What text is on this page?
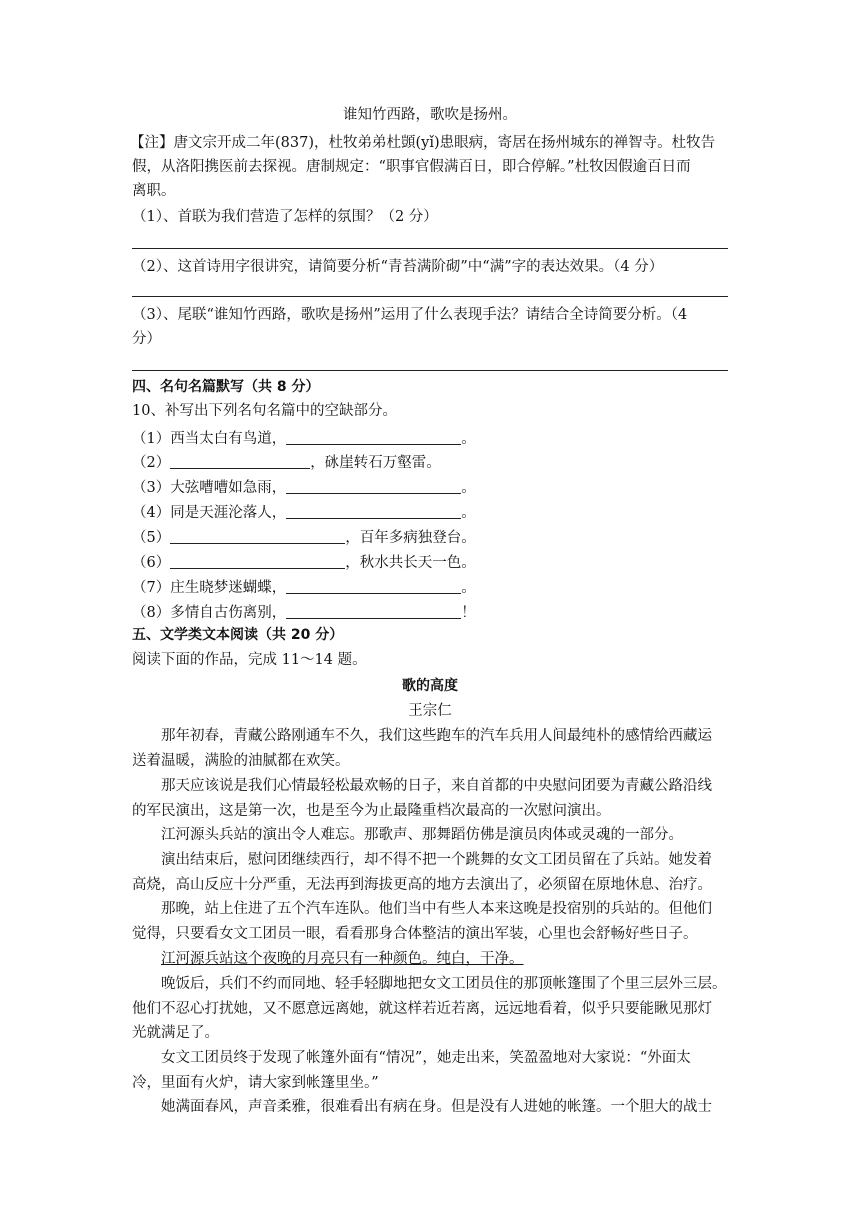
谁知竹西路，歌吹是扬州。
【注】唐文宗开成二年(837)，杜牧弟弟杜顗(yǐ)患眼病，寄居在扬州城东的禅智寺。杜牧告
假，从洛阳携医前去探视。唐制规定：“职事官假满百日，即合停解。”杜牧因假逾百日而
离职。
（1）、首联为我们营造了怎样的氛围？（2 分）
（2）、这首诗用字很讲究，请简要分析“青苔满阶砌”中“满”字的表达效果。（4 分）
（3）、尾联“谁知竹西路，歌吹是扬州”运用了什么表现手法？请结合全诗简要分析。（4
分）
四、名句名篇默写（共 8 分）
10、补写出下列名句名篇中的空缺部分。
（1）西当太白有鸟道，	。
（2）	，砯崖转石万壑雷。
（3）大弦嘈嘈如急雨，	。
（4）同是天涯沦落人，	。
（5）	，百年多病独登台。
（6）	，秋水共长天一色。
（7）庄生晓梦迷蝴蝶，	。
（8）多情自古伤离别，	！
五、文学类文本阅读（共 20 分）
阅读下面的作品，完成 11～14 题。
歌的高度
王宗仁
那年初春，青藏公路刚通车不久，我们这些跑车的汽车兵用人间最纯朴的感情给西藏运
送着温暖，满脸的油腻都在欢笑。
那天应该说是我们心情最轻松最欢畅的日子，来自首都的中央慰问团要为青藏公路沿线
的军民演出，这是第一次，也是至今为止最隆重档次最高的一次慰问演出。
江河源头兵站的演出令人难忘。那歌声、那舞蹈仿佛是演员肉体或灵魂的一部分。
演出结束后，慰问团继续西行，却不得不把一个跳舞的女文工团员留在了兵站。她发着
高烧，高山反应十分严重，无法再到海拔更高的地方去演出了，必须留在原地休息、治疗。
那晚，站上住进了五个汽车连队。他们当中有些人本来这晚是投宿别的兵站的。但他们
觉得，只要看女文工团员一眼，看看那身合体整洁的演出军装，心里也会舒畅好些日子。
江河源兵站这个夜晚的月亮只有一种颜色。纯白，干净。
晚饭后，兵们不约而同地、轻手轻脚地把女文工团员住的那顶帐篷围了个里三层外三层。
他们不忍心打扰她，又不愿意远离她，就这样若近若离，远远地看着，似乎只要能瞅见那灯
光就满足了。
女文工团员终于发现了帐篷外面有“情况”，她走出来，笑盈盈地对大家说：“外面太
冷，里面有火炉，请大家到帐篷里坐。”
她满面春风，声音柔雅，很难看出有病在身。但是没有人进她的帐篷。一个胆大的战士
